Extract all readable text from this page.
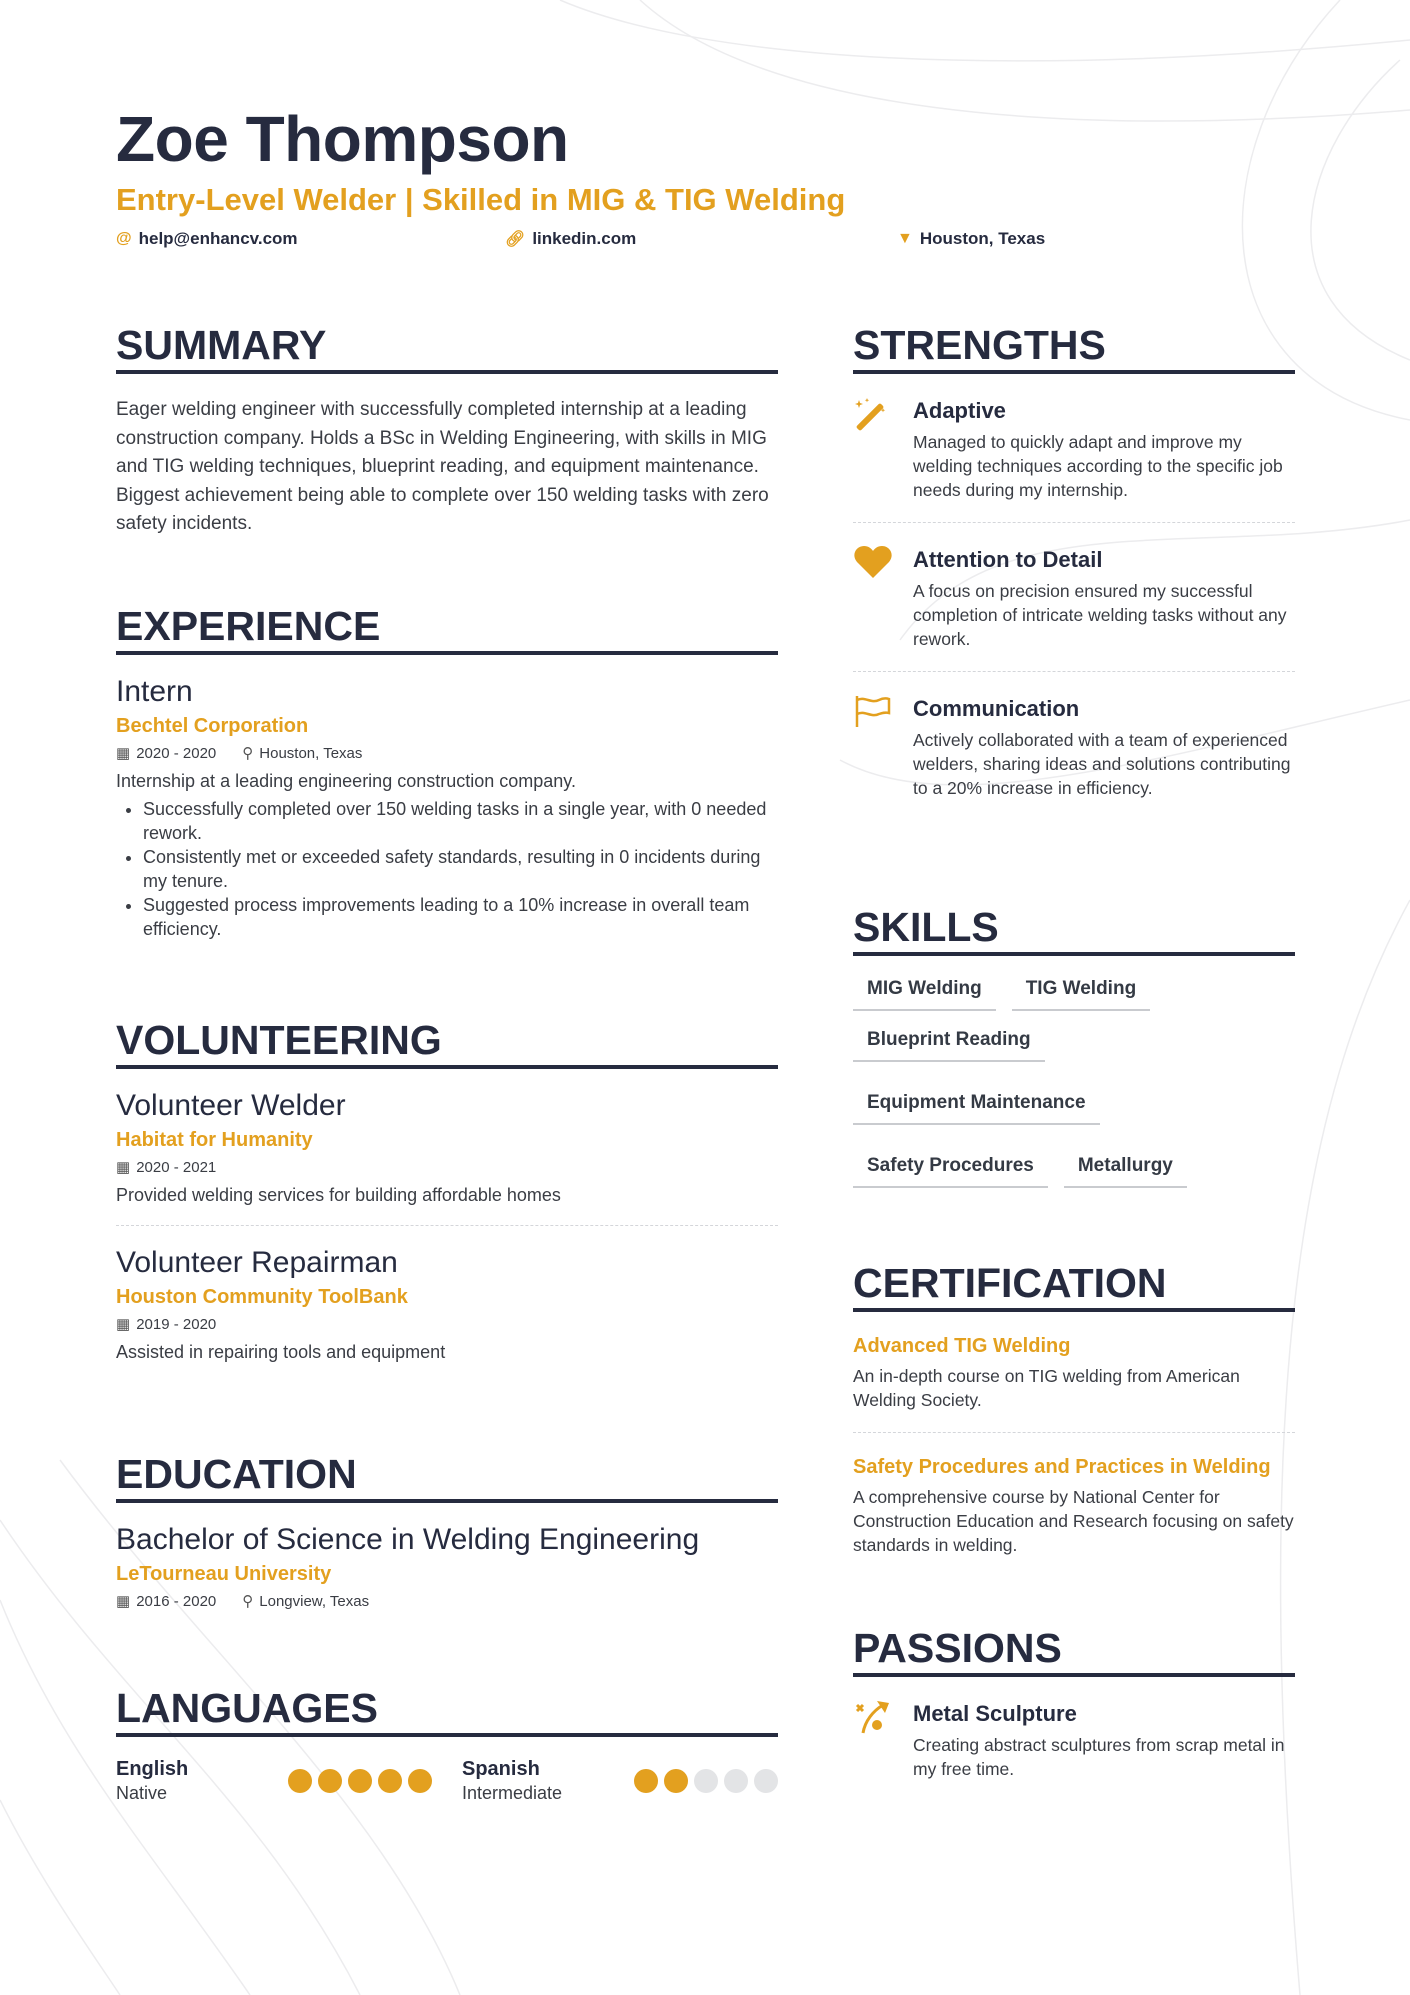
Zoe Thompson
Entry-Level Welder | Skilled in MIG & TIG Welding
@ help@enhancv.com	🔗︎ linkedin.com	▼ Houston, Texas
SUMMARY
Eager welding engineer with successfully completed internship at a leading construction company. Holds a BSc in Welding Engineering, with skills in MIG and TIG welding techniques, blueprint reading, and equipment maintenance. Biggest achievement being able to complete over 150 welding tasks with zero safety incidents.
EXPERIENCE
Intern
Bechtel Corporation
▦ 2020 - 2020 ⚲ Houston, Texas
Internship at a leading engineering construction company.
• Successfully completed over 150 welding tasks in a single year, with 0 needed rework.
• Consistently met or exceeded safety standards, resulting in 0 incidents during my tenure.
• Suggested process improvements leading to a 10% increase in overall team efficiency.
VOLUNTEERING
Volunteer Welder
Habitat for Humanity
▦ 2020 - 2021
Provided welding services for building affordable homes
Volunteer Repairman
Houston Community ToolBank
▦ 2019 - 2020
Assisted in repairing tools and equipment
EDUCATION
Bachelor of Science in Welding Engineering
LeTourneau University
▦ 2016 - 2020 ⚲ Longview, Texas
LANGUAGES
English
Native
Spanish
Intermediate
STRENGTHS
Adaptive

Managed to quickly adapt and improve my welding techniques according to the specific job needs during my internship.

Attention to Detail

A focus on precision ensured my successful completion of intricate welding tasks without any rework.

Communication

Actively collaborated with a team of experienced welders, sharing ideas and solutions contributing to a 20% increase in efficiency.

SKILLS
MIG Welding	TIG Welding
Blueprint Reading
Equipment Maintenance
Safety Procedures	Metallurgy
CERTIFICATION
Advanced TIG Welding

An in-depth course on TIG welding from American Welding Society.

Safety Procedures and Practices in Welding

A comprehensive course by National Center for Construction Education and Research focusing on safety standards in welding.

PASSIONS
Metal Sculpture

Creating abstract sculptures from scrap metal in my free time.
